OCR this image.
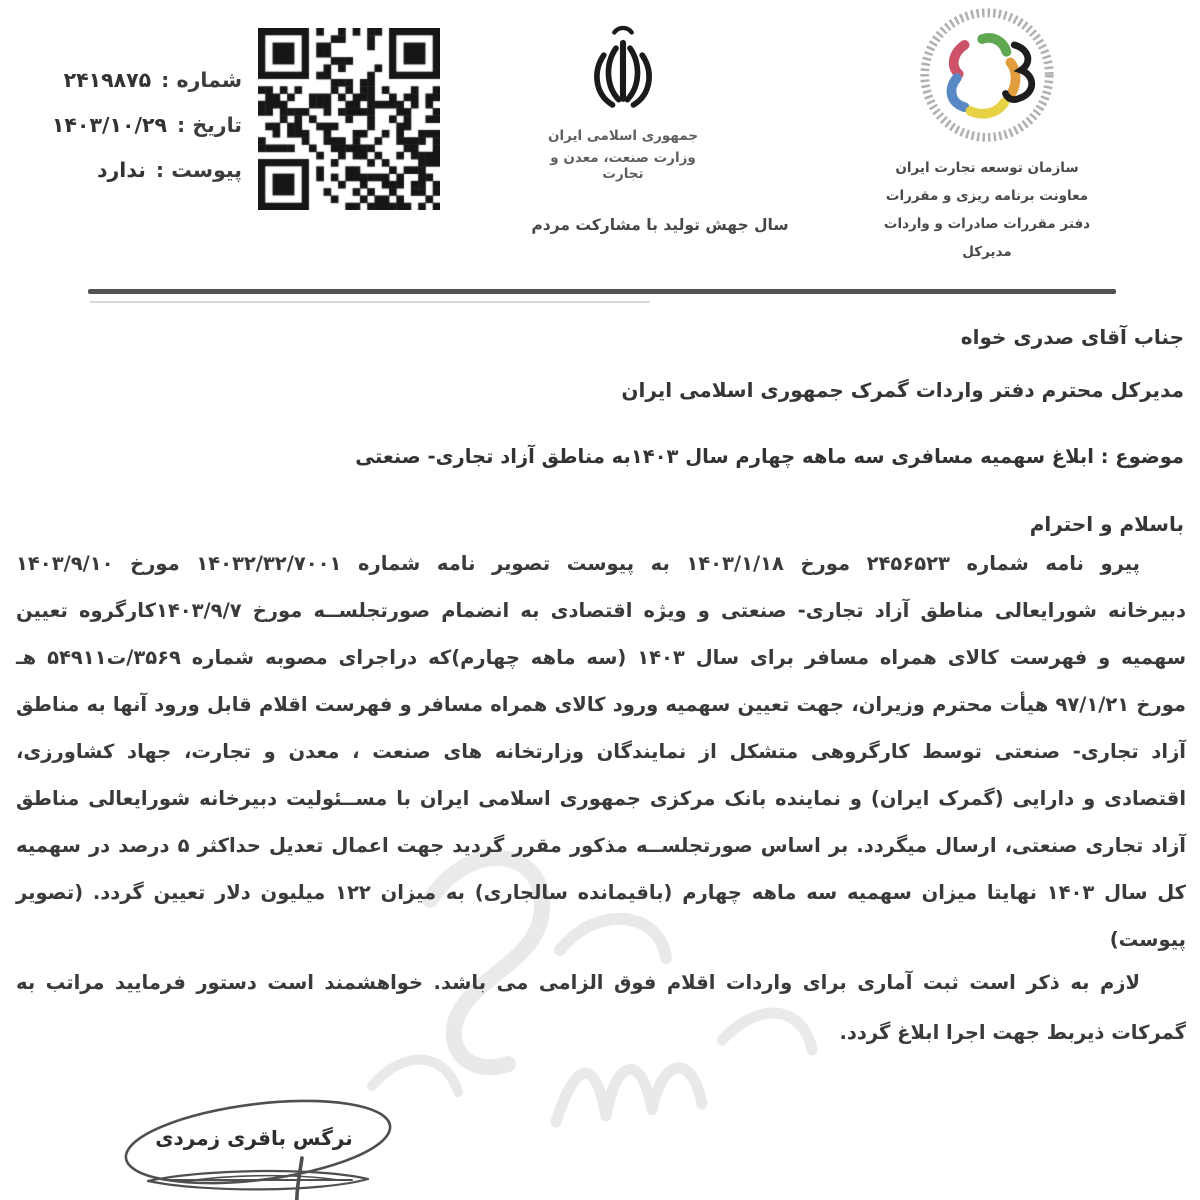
شماره :
۲۴۱۹۸۷۵
تاریخ :
۱۴۰۳/۱۰/۲۹
پیوست :
ندارد
جمهوری اسلامی ایران
وزارت صنعت، معدن و تجارت
سال جهش تولید با مشارکت مردم
سازمان توسعه تجارت ایران
معاونت برنامه ریزی و مقررات
دفتر مقررات صادرات و واردات
مدیرکل
جناب آقای صدری خواه
مدیرکل محترم دفتر واردات گمرک جمهوری اسلامی ایران
موضوع : ابلاغ سهمیه مسافری سه ماهه چهارم سال ۱۴۰۳به مناطق آزاد تجاری- صنعتی
باسلام و احترام
پیرو نامه شماره ۲۴۵۶۵۲۳ مورخ ۱۴۰۳/۱/۱۸ به پیوست تصویر نامه شماره ۱۴۰۳۲/۳۲/۷۰۰۱ مورخ ۱۴۰۳/۹/۱۰
دبیرخانه شورایعالی مناطق آزاد تجاری- صنعتی و ویژه اقتصادی به انضمام صورتجلســه مورخ ۱۴۰۳/۹/۷کارگروه تعیین
سهمیه و فهرست کالای همراه مسافر برای سال ۱۴۰۳ (سه ماهه چهارم)که دراجرای مصوبه شماره ۳۵۶۹/ت۵۴۹۱۱ هـ
مورخ ۹۷/۱/۲۱ هیأت محترم وزیران، جهت تعیین سهمیه ورود کالای همراه مسافر و فهرست اقلام قابل ورود آنها به مناطق
آزاد تجاری- صنعتی توسط کارگروهی متشکل از نمایندگان وزارتخانه های صنعت ، معدن و تجارت، جهاد کشاورزی،
اقتصادی و دارایی (گمرک ایران) و نماینده بانک مرکزی جمهوری اسلامی ایران با مســئولیت دبیرخانه شورایعالی مناطق
آزاد تجاری صنعتی، ارسال میگردد. بر اساس صورتجلســه مذکور مقرر گردید جهت اعمال تعدیل حداکثر ۵ درصد در سهمیه
کل سال ۱۴۰۳ نهایتا میزان سهمیه سه ماهه چهارم (باقیمانده سالجاری) به میزان ۱۲۲ میلیون دلار تعیین گردد. (تصویر
پیوست)
لازم به ذکر است ثبت آماری برای واردات اقلام فوق الزامی می باشد. خواهشمند است دستور فرمایید مراتب به
گمرکات ذیربط جهت اجرا ابلاغ گردد.
نرگس باقری زمردی
